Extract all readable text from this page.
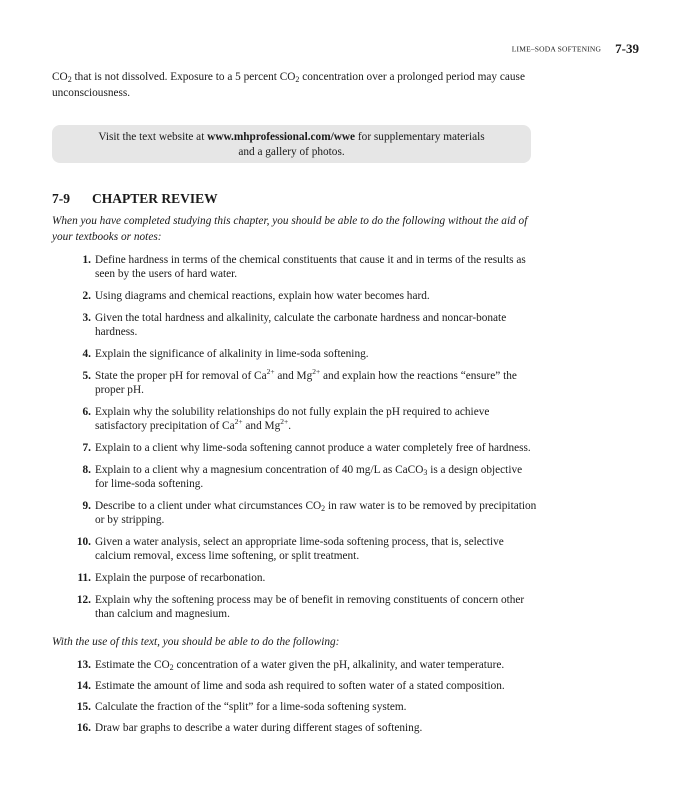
LIME–SODA SOFTENING 7-39

$CO_2$ that is not dissolved. Exposure to a 5 percent $CO_2$ concentration over a prolonged period may cause unconsciousness.

Visit the text website at www.mhprofessional.com/wwe for supplementary materials
and a gallery of photos.
7-9 CHAPTER REVIEW

When you have completed studying this chapter, you should be able to do the following without the aid of your textbooks or notes:

1. Define hardness in terms of the chemical constituents that cause it and in terms of the results as seen by the users of hard water.
2. Using diagrams and chemical reactions, explain how water becomes hard.
3. Given the total hardness and alkalinity, calculate the carbonate hardness and noncar-bonate hardness.
4. Explain the significance of alkalinity in lime-soda softening.
5. State the proper pH for removal of $Ca^{2+}$ and $Mg^{2+}$ and explain how the reactions “ensure” the proper pH.
6. Explain why the solubility relationships do not fully explain the pH required to achieve satisfactory precipitation of $Ca^{2+}$ and $Mg^{2+}$.
7. Explain to a client why lime-soda softening cannot produce a water completely free of hardness.
8. Explain to a client why a magnesium concentration of 40 mg/L as CaCO$_3$ is a design objective for lime-soda softening.
9. Describe to a client under what circumstances $CO_2$ in raw water is to be removed by precipitation or by stripping.
10. Given a water analysis, select an appropriate lime-soda softening process, that is, selective calcium removal, excess lime softening, or split treatment.
11. Explain the purpose of recarbonation.
12. Explain why the softening process may be of benefit in removing constituents of concern other than calcium and magnesium.

With the use of this text, you should be able to do the following:

13. Estimate the $CO_2$ concentration of a water given the pH, alkalinity, and water temperature.
14. Estimate the amount of lime and soda ash required to soften water of a stated composition.
15. Calculate the fraction of the “split” for a lime-soda softening system.
16. Draw bar graphs to describe a water during different stages of softening.
